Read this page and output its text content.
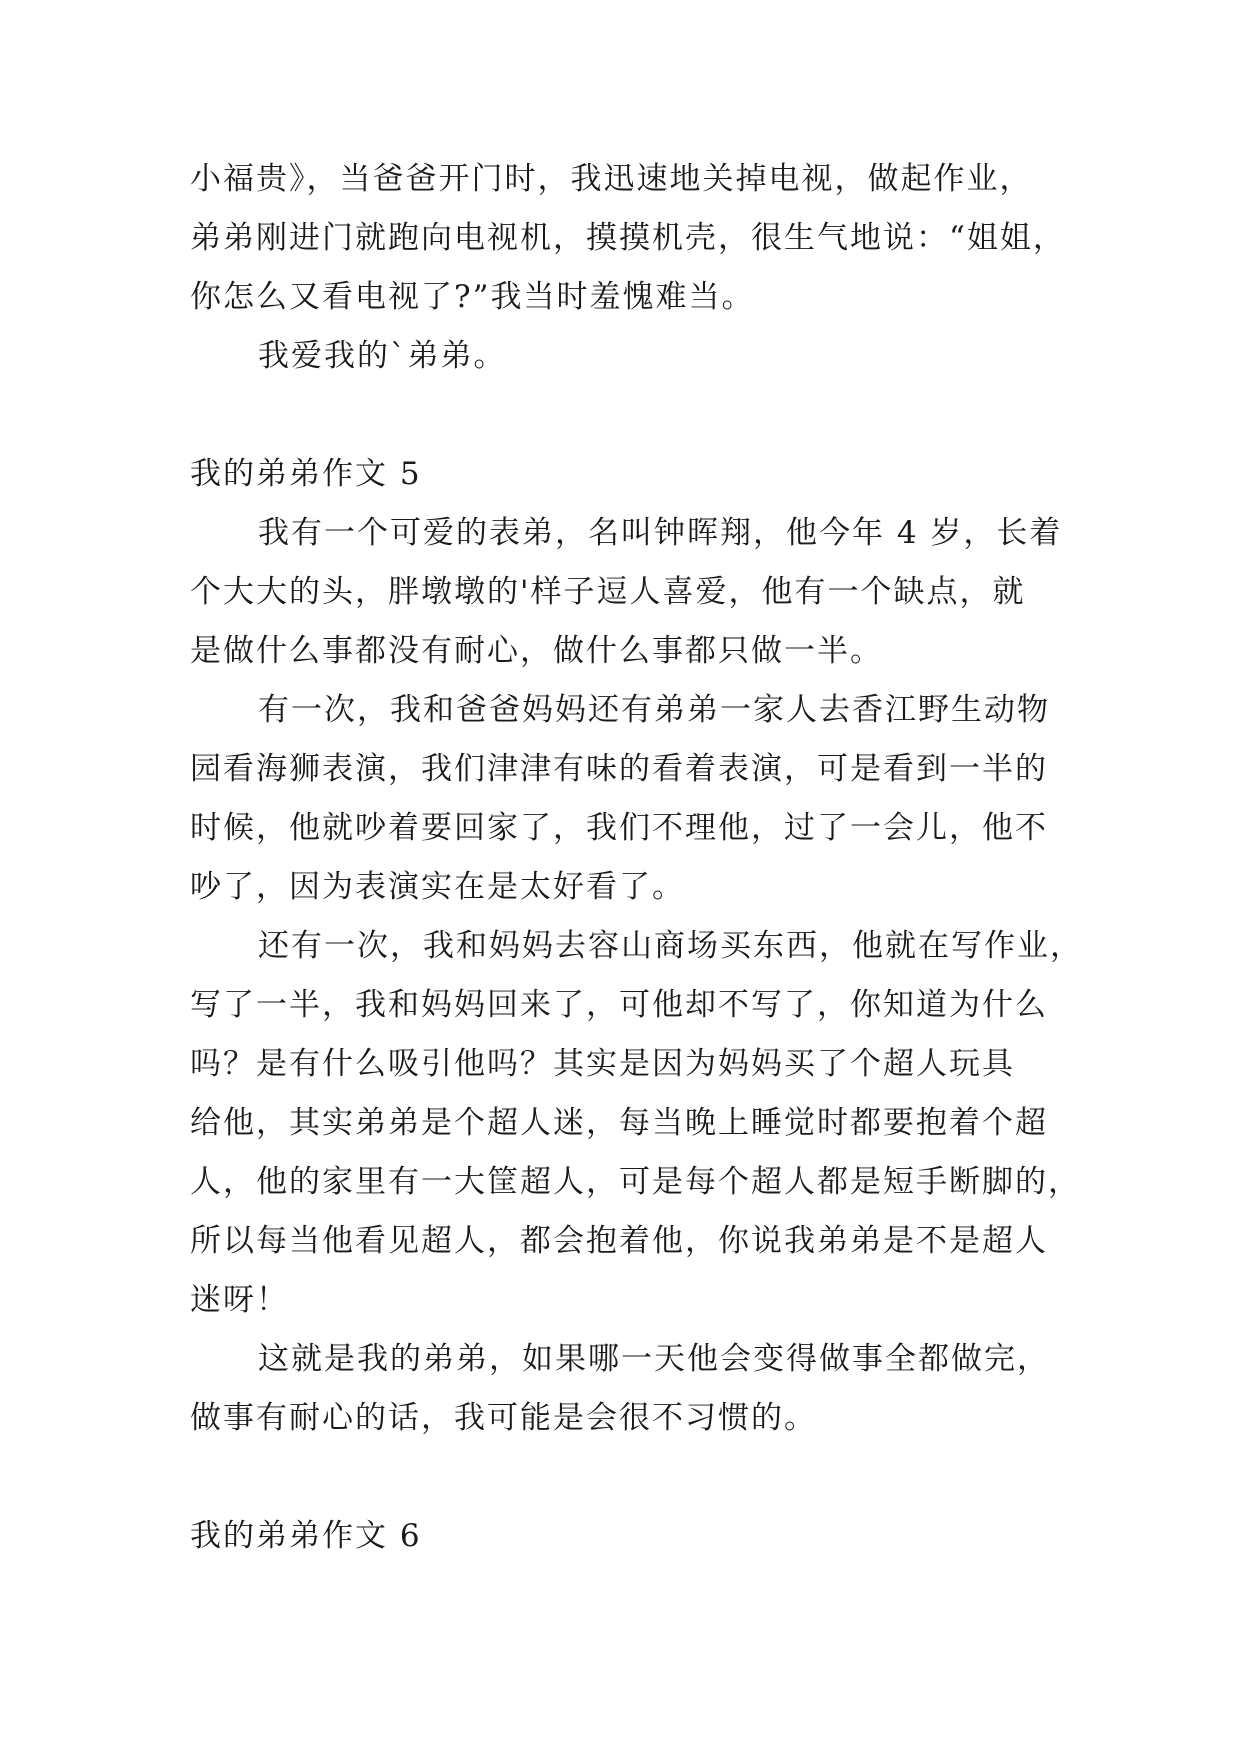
小福贵》，当爸爸开门时，我迅速地关掉电视，做起作业，
弟弟刚进门就跑向电视机，摸摸机壳，很生气地说：“姐姐，
你怎么又看电视了?”我当时羞愧难当。
我爱我的`弟弟。
我的弟弟作文 5
我有一个可爱的表弟，名叫钟晖翔，他今年 4 岁，长着
个大大的头，胖墩墩的'样子逗人喜爱，他有一个缺点，就
是做什么事都没有耐心，做什么事都只做一半。
有一次，我和爸爸妈妈还有弟弟一家人去香江野生动物
园看海狮表演，我们津津有味的看着表演，可是看到一半的
时候，他就吵着要回家了，我们不理他，过了一会儿，他不
吵了，因为表演实在是太好看了。
还有一次，我和妈妈去容山商场买东西，他就在写作业，
写了一半，我和妈妈回来了，可他却不写了，你知道为什么
吗？是有什么吸引他吗？其实是因为妈妈买了个超人玩具
给他，其实弟弟是个超人迷，每当晚上睡觉时都要抱着个超
人，他的家里有一大筐超人，可是每个超人都是短手断脚的，
所以每当他看见超人，都会抱着他，你说我弟弟是不是超人
迷呀！
这就是我的弟弟，如果哪一天他会变得做事全都做完，
做事有耐心的话，我可能是会很不习惯的。
我的弟弟作文 6
